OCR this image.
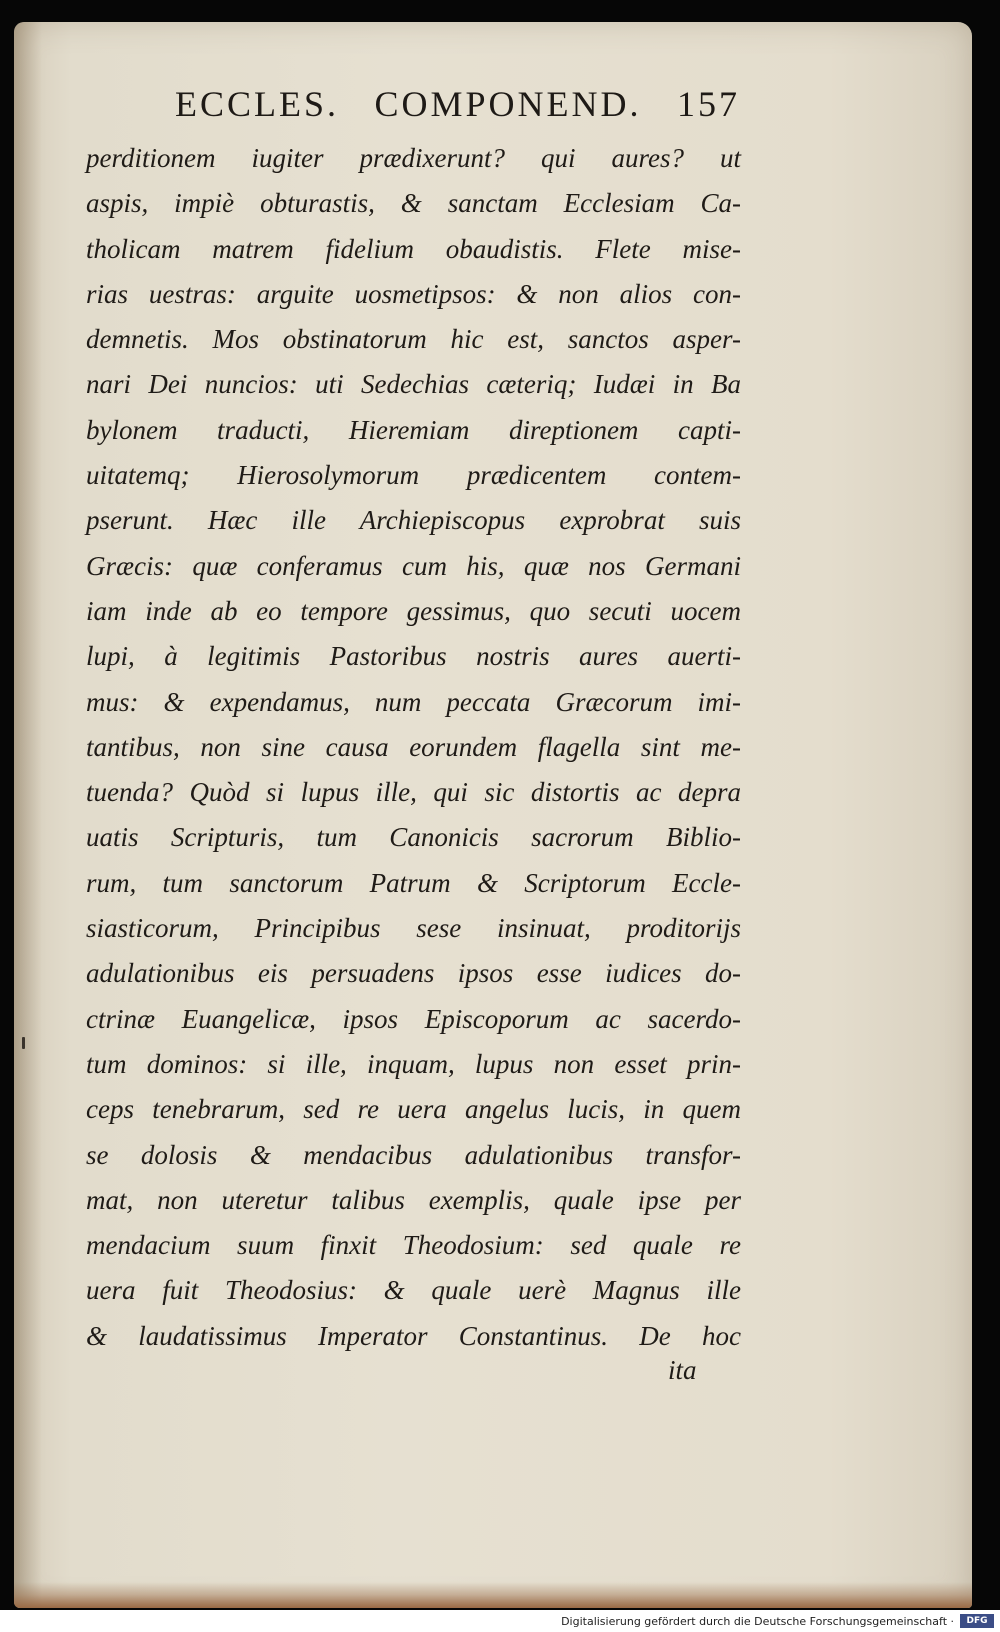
ECCLES. COMPONEND. 157
perditionem iugiter prædixerunt? qui aures? ut
aspis, impiè obturastis, & sanctam Ecclesiam Ca-
tholicam matrem fidelium obaudistis. Flete mise-
rias uestras: arguite uosmetipsos: & non alios con-
demnetis. Mos obstinatorum hic est, sanctos asper-
nari Dei nuncios: uti Sedechias cæteriq; Iudæi in Ba
bylonem traducti, Hieremiam direptionem capti-
uitatemq; Hierosolymorum prædicentem contem-
pserunt. Hæc ille Archiepiscopus exprobrat suis
Græcis: quæ conferamus cum his, quæ nos Germani
iam inde ab eo tempore gessimus, quo secuti uocem
lupi, à legitimis Pastoribus nostris aures auerti-
mus: & expendamus, num peccata Græcorum imi-
tantibus, non sine causa eorundem flagella sint me-
tuenda? Quòd si lupus ille, qui sic distortis ac depra
uatis Scripturis, tum Canonicis sacrorum Biblio-
rum, tum sanctorum Patrum & Scriptorum Eccle-
siasticorum, Principibus sese insinuat, proditorijs
adulationibus eis persuadens ipsos esse iudices do-
ctrinæ Euangelicæ, ipsos Episcoporum ac sacerdo-
tum dominos: si ille, inquam, lupus non esset prin-
ceps tenebrarum, sed re uera angelus lucis, in quem
se dolosis & mendacibus adulationibus transfor-
mat, non uteretur talibus exemplis, quale ipse per
mendacium suum finxit Theodosium: sed quale re
uera fuit Theodosius: & quale uerè Magnus ille
& laudatissimus Imperator Constantinus. De hoc
ita
Digitalisierung gefördert durch die Deutsche Forschungsgemeinschaft ·	DFG
